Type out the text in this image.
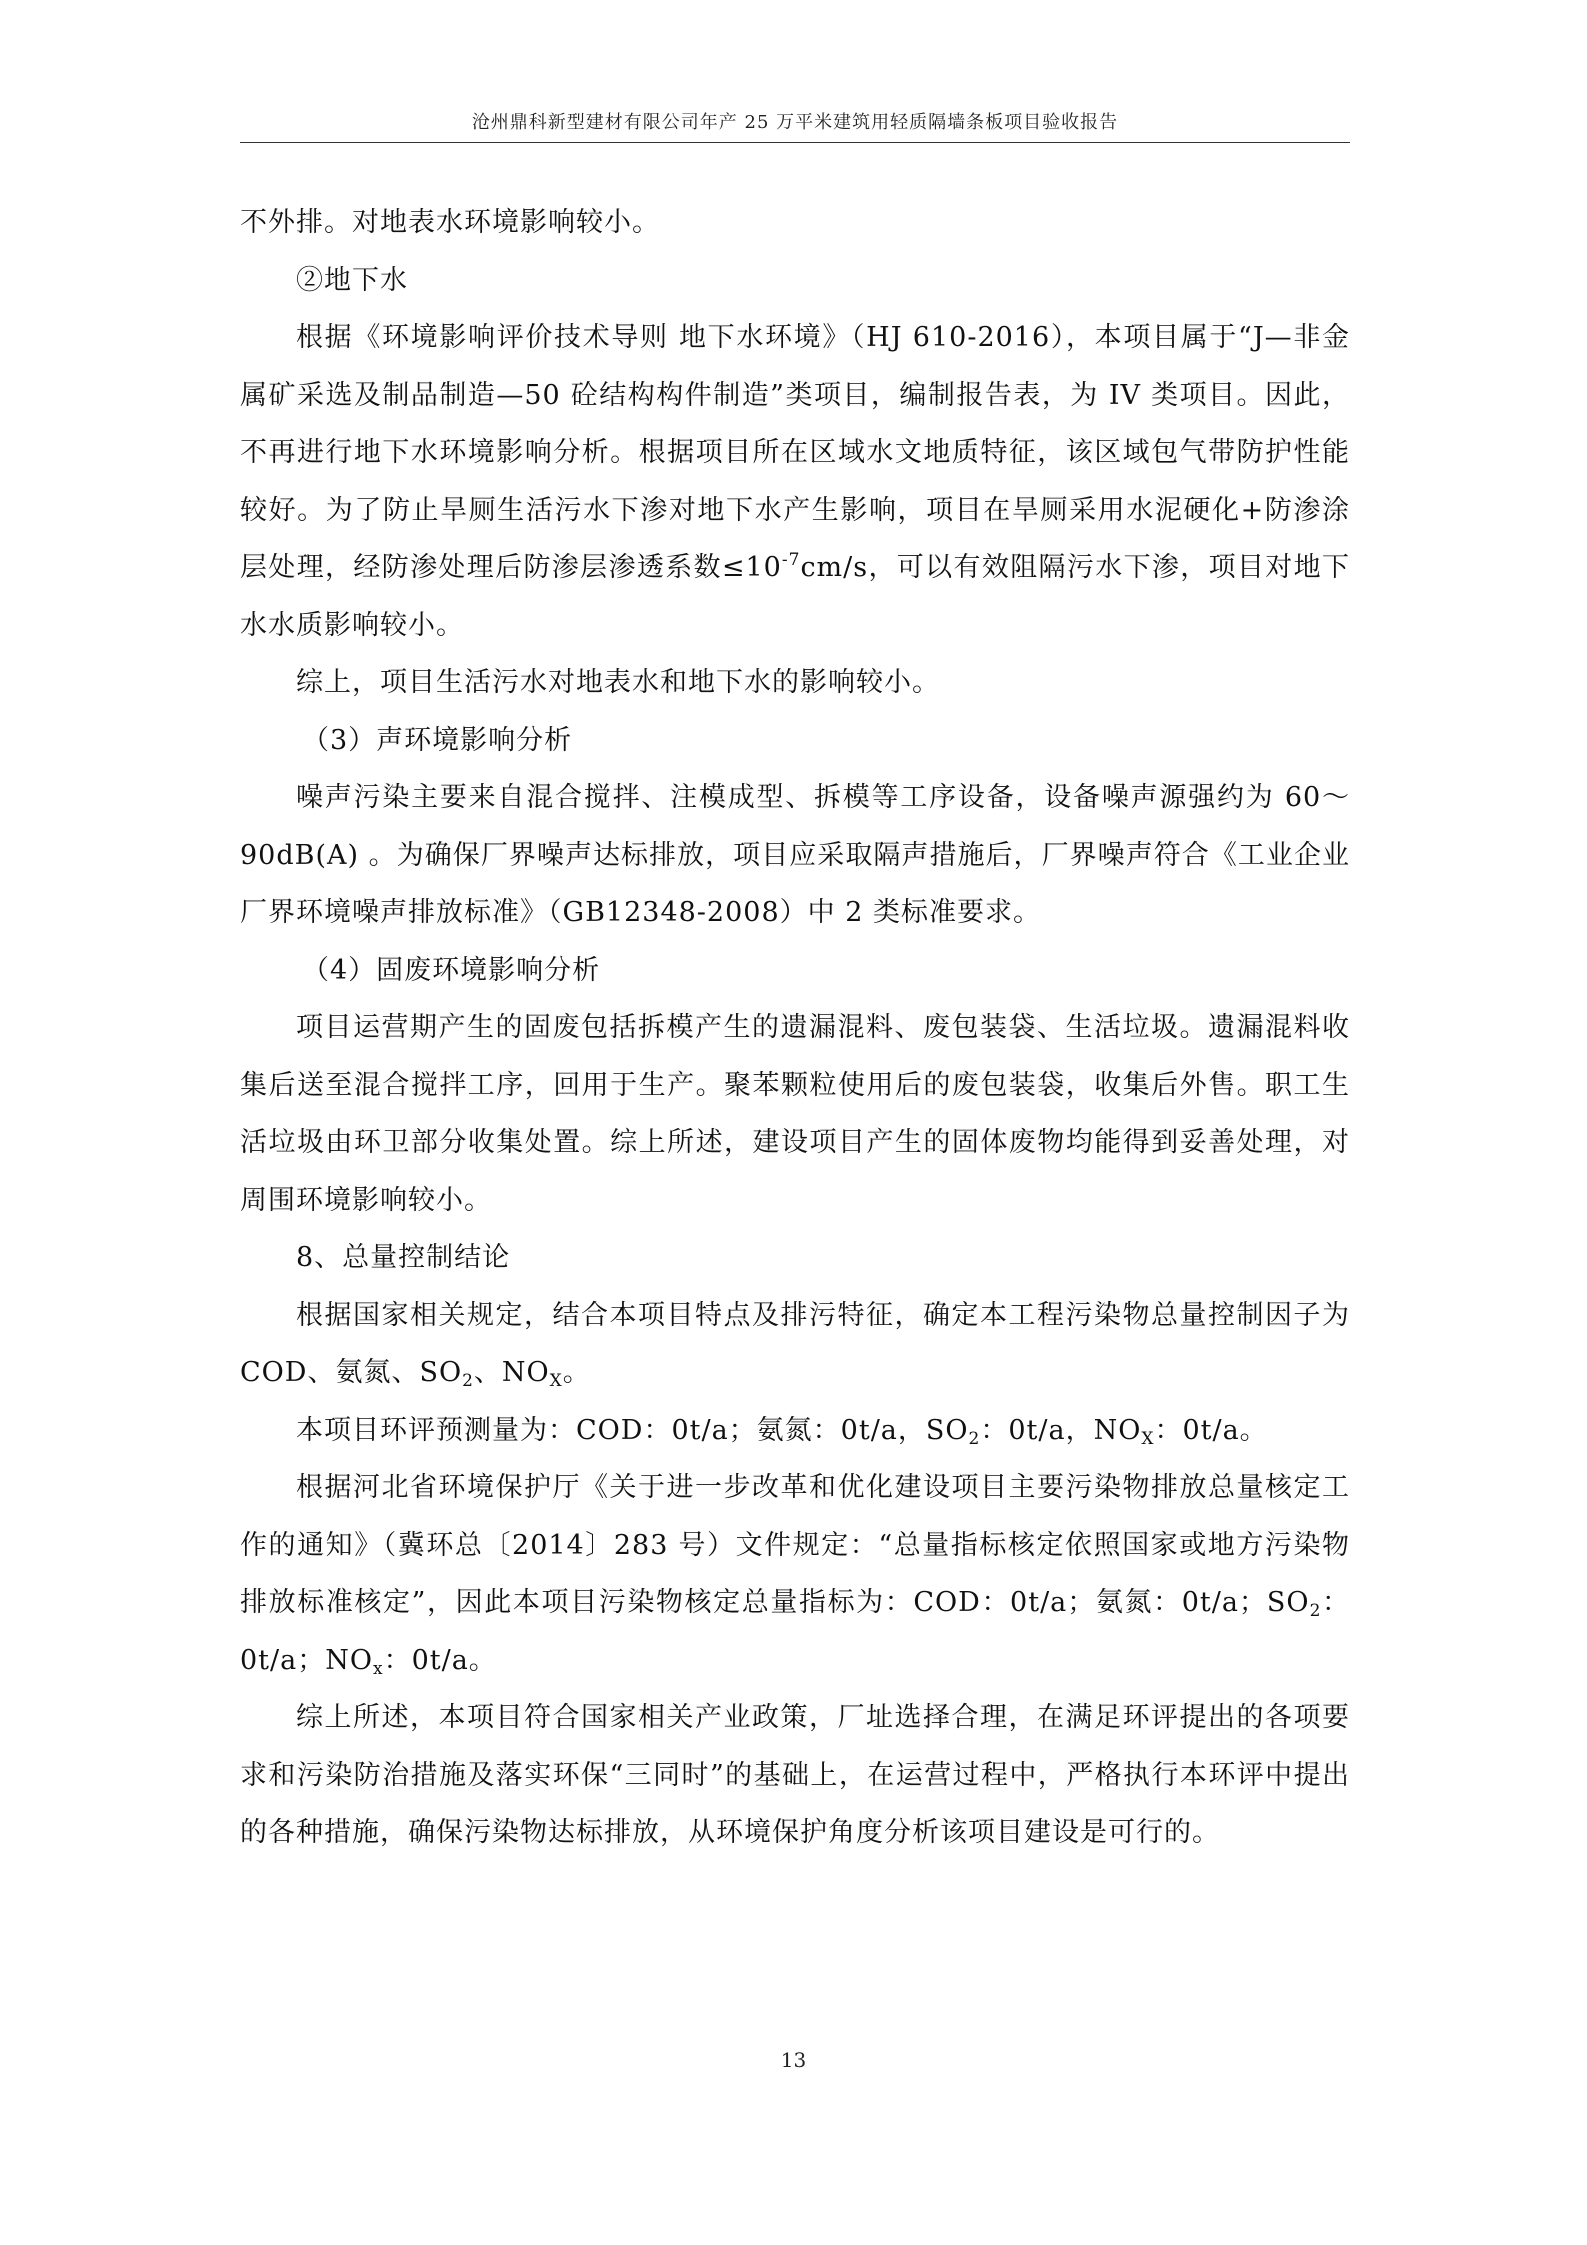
沧州鼎科新型建材有限公司年产 25 万平米建筑用轻质隔墙条板项目验收报告

不外排。对地表水环境影响较小。

②地下水

根据《环境影响评价技术导则 地下水环境》（HJ 610-2016），本项目属于“J—非金属矿采选及制品制造—50 砼结构构件制造”类项目，编制报告表，为 IV 类项目。因此，不再进行地下水环境影响分析。根据项目所在区域水文地质特征，该区域包气带防护性能较好。为了防止旱厕生活污水下渗对地下水产生影响，项目在旱厕采用水泥硬化+防渗涂层处理，经防渗处理后防渗层渗透系数$\le 10^{-7}cm/s$，可以有效阻隔污水下渗，项目对地下水水质影响较小。

综上，项目生活污水对地表水和地下水的影响较小。

（3）声环境影响分析

噪声污染主要来自混合搅拌、注模成型、拆模等工序设备，设备噪声源强约为 60～90dB(A) 。为确保厂界噪声达标排放，项目应采取隔声措施后，厂界噪声符合《工业企业厂界环境噪声排放标准》（GB12348-2008）中 2 类标准要求。

（4）固废环境影响分析

项目运营期产生的固废包括拆模产生的遗漏混料、废包装袋、生活垃圾。遗漏混料收集后送至混合搅拌工序，回用于生产。聚苯颗粒使用后的废包装袋，收集后外售。职工生活垃圾由环卫部分收集处置。综上所述，建设项目产生的固体废物均能得到妥善处理，对周围环境影响较小。

8、总量控制结论

根据国家相关规定，结合本项目特点及排污特征，确定本工程污染物总量控制因子为 COD、氨氮、$SO_2$、$NO_X$。

本项目环评预测量为：COD：0t/a；氨氮：0t/a，$SO_2$：0t/a，$NO_X$：0t/a。

根据河北省环境保护厅《关于进一步改革和优化建设项目主要污染物排放总量核定工作的通知》（冀环总〔2014〕283 号）文件规定：“总量指标核定依照国家或地方污染物排放标准核定”，因此本项目污染物核定总量指标为：COD：0t/a；氨氮：0t/a；$SO_2$：0t/a；$NO_x$：0t/a。

综上所述，本项目符合国家相关产业政策，厂址选择合理，在满足环评提出的各项要求和污染防治措施及落实环保“三同时”的基础上，在运营过程中，严格执行本环评中提出的各种措施，确保污染物达标排放，从环境保护角度分析该项目建设是可行的。

13
